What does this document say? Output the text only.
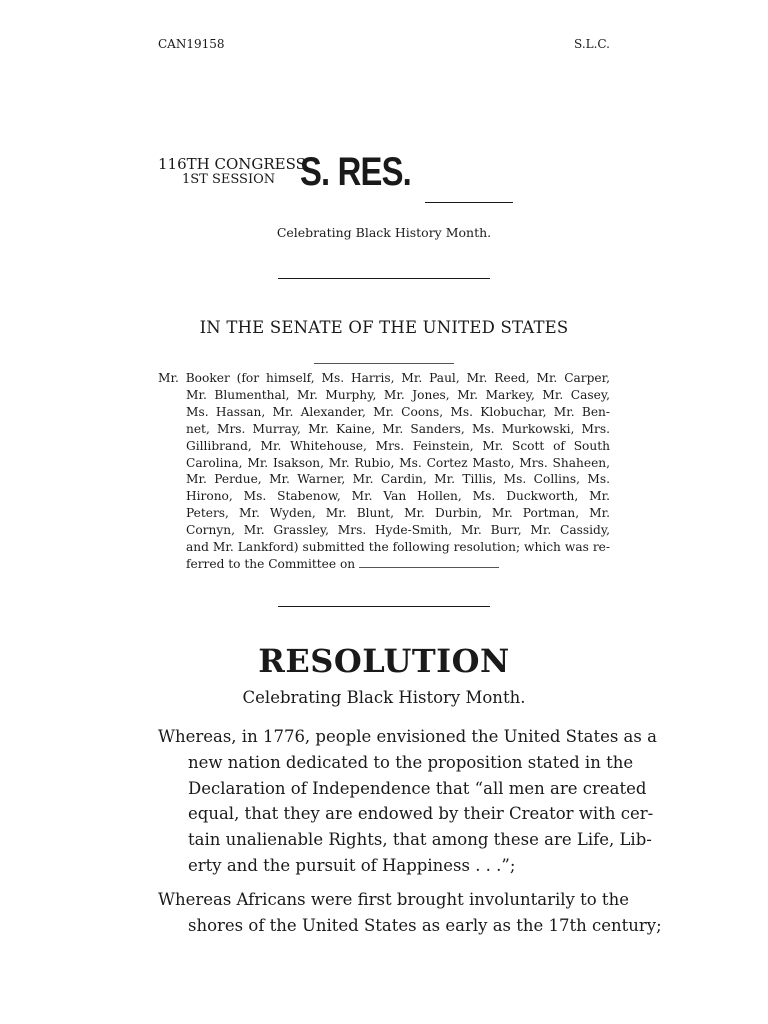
CAN19158	S.L.C.
116TH CONGRESS
1ST SESSION S. RES.
Celebrating Black History Month.
IN THE SENATE OF THE UNITED STATES
Mr. Booker (for himself, Ms. Harris, Mr. Paul, Mr. Reed, Mr. Carper,
Mr. Blumenthal, Mr. Murphy, Mr. Jones, Mr. Markey, Mr. Casey,
Ms. Hassan, Mr. Alexander, Mr. Coons, Ms. Klobuchar, Mr. Ben-
net, Mrs. Murray, Mr. Kaine, Mr. Sanders, Ms. Murkowski, Mrs.
Gillibrand, Mr. Whitehouse, Mrs. Feinstein, Mr. Scott of South
Carolina, Mr. Isakson, Mr. Rubio, Ms. Cortez Masto, Mrs. Shaheen,
Mr. Perdue, Mr. Warner, Mr. Cardin, Mr. Tillis, Ms. Collins, Ms.
Hirono, Ms. Stabenow, Mr. Van Hollen, Ms. Duckworth, Mr.
Peters, Mr. Wyden, Mr. Blunt, Mr. Durbin, Mr. Portman, Mr.
Cornyn, Mr. Grassley, Mrs. Hyde-Smith, Mr. Burr, Mr. Cassidy,
and Mr. Lankford) submitted the following resolution; which was re-
ferred to the Committee on
RESOLUTION
Celebrating Black History Month.
Whereas, in 1776, people envisioned the United States as a
new nation dedicated to the proposition stated in the
Declaration of Independence that “all men are created
equal, that they are endowed by their Creator with cer-
tain unalienable Rights, that among these are Life, Lib-
erty and the pursuit of Happiness . . .”;
Whereas Africans were first brought involuntarily to the
shores of the United States as early as the 17th century;
